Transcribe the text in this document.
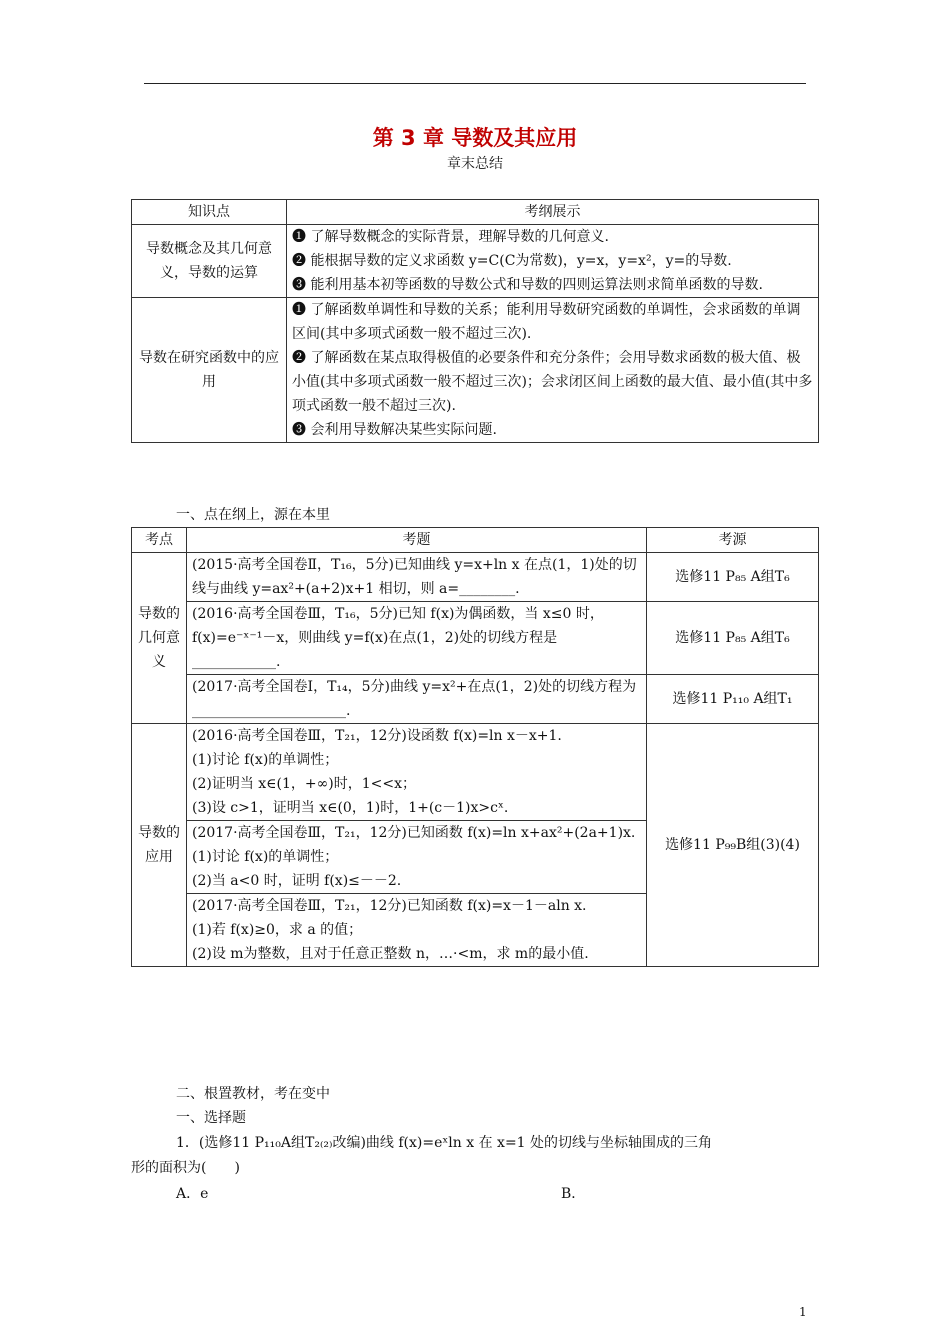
第 3 章 导数及其应用
章末总结
知识点	考纲展示
导数概念及其几何意义，导数的运算	❶ 了解导数概念的实际背景，理解导数的几何意义.
❷ 能根据导数的定义求函数 y=C(C为常数)，y=x，y=x²，y=的导数.
❸ 能利用基本初等函数的导数公式和导数的四则运算法则求简单函数的导数.

导数在研究函数中的应用	❶ 了解函数单调性和导数的关系；能利用导数研究函数的单调性，会求函数的单调区间(其中多项式函数一般不超过三次).
❷ 了解函数在某点取得极值的必要条件和充分条件；会用导数求函数的极大值、极小值(其中多项式函数一般不超过三次)；会求闭区间上函数的最大值、最小值(其中多项式函数一般不超过三次).
❸ 会利用导数解决某些实际问题.
一、点在纲上，源在本里
考点	考题	考源
导数的几何意义	(2015·高考全国卷Ⅱ，T₁₆，5分)已知曲线 y=x+ln x 在点(1，1)处的切线与曲线 y=ax²+(a+2)x+1 相切，则 a=________.	选修11 P₈₅ A组T₆
	(2016·高考全国卷Ⅲ，T₁₆，5分)已知 f(x)为偶函数，当 x≤0 时，f(x)=e⁻ˣ⁻¹－x，则曲线 y=f(x)在点(1，2)处的切线方程是____________.	选修11 P₈₅ A组T₆
	(2017·高考全国卷Ⅰ，T₁₄，5分)曲线 y=x²+在点(1，2)处的切线方程为______________________.	选修11 P₁₁₀ A组T₁
导数的应用	(2016·高考全国卷Ⅲ，T₂₁，12分)设函数 f(x)=ln x－x+1.
(1)讨论 f(x)的单调性；
(2)证明当 x∈(1，+∞)时，1<<x；
(3)设 c>1，证明当 x∈(0，1)时，1+(c－1)x>cˣ.	选修11 P₉₉B组(3)(4)
	(2017·高考全国卷Ⅲ，T₂₁，12分)已知函数 f(x)=ln x+ax²+(2a+1)x.
(1)讨论 f(x)的单调性；
(2)当 a<0 时，证明 f(x)≤－－2.	
	(2017·高考全国卷Ⅲ，T₂₁，12分)已知函数 f(x)=x－1－aln x.
(1)若 f(x)≥0，求 a 的值；
(2)设 m为整数，且对于任意正整数 n，…·<m，求 m的最小值.	
二、根置教材，考在变中
一、选择题
1．(选修11 P₁₁₀A组T₂₍₂₎改编)曲线 f(x)=eˣln x 在 x=1 处的切线与坐标轴围成的三角
形的面积为(　　)
A．e	B．
1
